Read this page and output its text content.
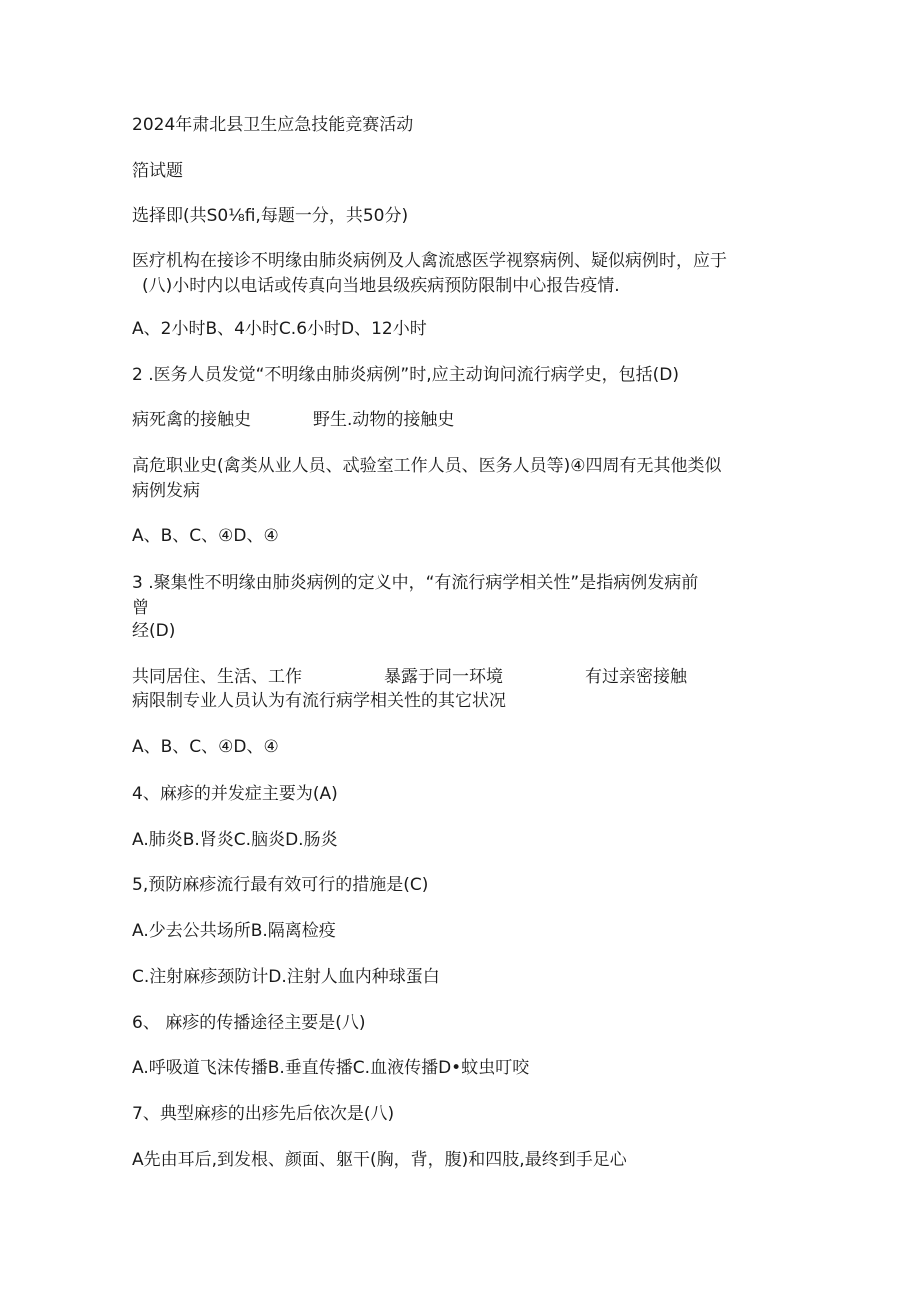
2024年肃北县卫生应急技能竞赛活动
箔试题
选择即(共S0⅛fi,每题一分，共50分)
医疗机构在接诊不明缘由肺炎病例及人禽流感医学视察病例、疑似病例时，应于
(八)小时内以电话或传真向当地县级疾病预防限制中心报告疫情.
A、2小时B、4小时C.6小时D、12小时
2 .医务人员发觉“不明缘由肺炎病例”时,应主动询问流行病学史，包括(D)
病死禽的接触史	野生.动物的接触史
高危职业史(禽类从业人员、忒验室工作人员、医务人员等)④四周有无其他类似
病例发病
A、B、C、④D、④
3 .聚集性不明缘由肺炎病例的定义中，“有流行病学相关性”是指病例发病前
曾
经(D)
共同居住、生活、工作	暴露于同一环境	有过亲密接触
病限制专业人员认为有流行病学相关性的其它状况
A、B、C、④D、④
4、麻疹的并发症主要为(A)
A.肺炎B.肾炎C.脑炎D.肠炎
5,预防麻疹流行最有效可行的措施是(C)
A.少去公共场所B.隔离检疫
C.注射麻疹颈防计D.注射人血内种球蛋白
6、 麻疹的传播途径主要是(八)
A.呼吸道飞沫传播B.垂直传播C.血液传播D•蚊虫叮咬
7、典型麻疹的出疹先后依次是(八)
A先由耳后,到发根、颜面、躯干(胸，背，腹)和四肢,最终到手足心
